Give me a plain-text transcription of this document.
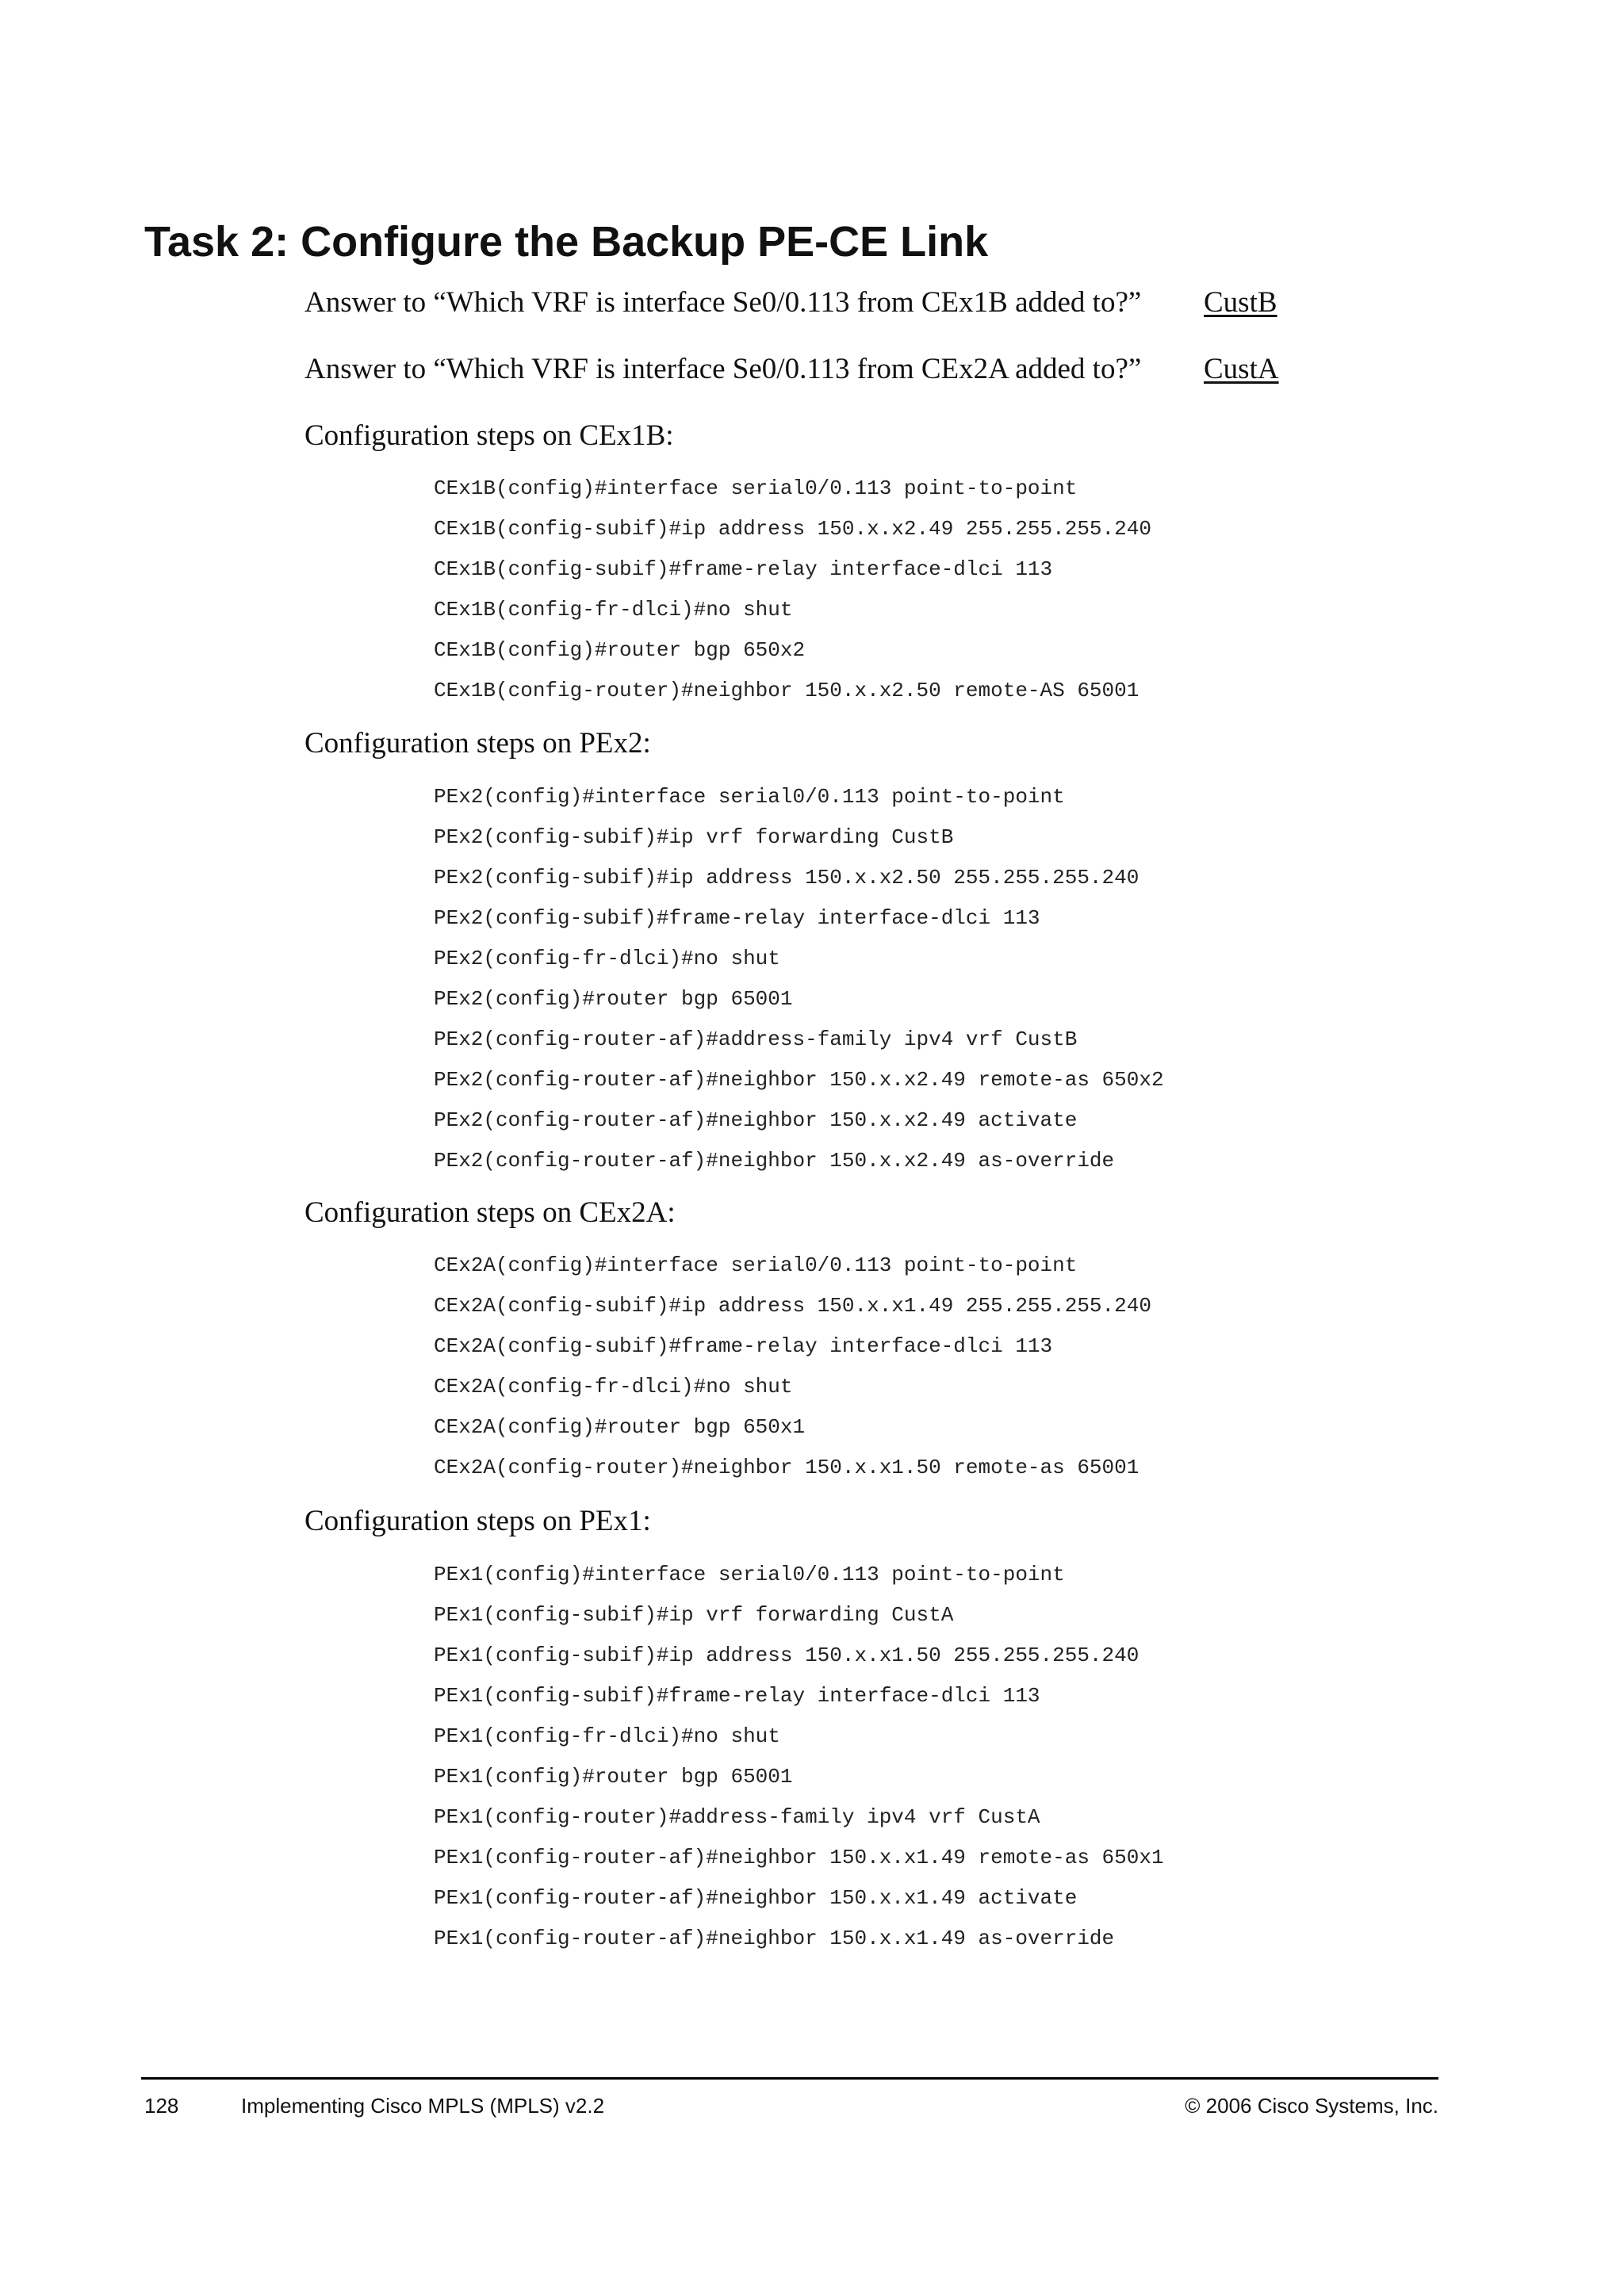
Task 2: Configure the Backup PE-CE Link
Answer to “Which VRF is interface Se0/0.113 from CEx1B added to?” CustB
Answer to “Which VRF is interface Se0/0.113 from CEx2A added to?” CustA
Configuration steps on CEx1B:
CEx1B(config)#interface serial0/0.113 point-to-point
CEx1B(config-subif)#ip address 150.x.x2.49 255.255.255.240
CEx1B(config-subif)#frame-relay interface-dlci 113
CEx1B(config-fr-dlci)#no shut
CEx1B(config)#router bgp 650x2
CEx1B(config-router)#neighbor 150.x.x2.50 remote-AS 65001
Configuration steps on PEx2:
PEx2(config)#interface serial0/0.113 point-to-point
PEx2(config-subif)#ip vrf forwarding CustB
PEx2(config-subif)#ip address 150.x.x2.50 255.255.255.240
PEx2(config-subif)#frame-relay interface-dlci 113
PEx2(config-fr-dlci)#no shut
PEx2(config)#router bgp 65001
PEx2(config-router-af)#address-family ipv4 vrf CustB
PEx2(config-router-af)#neighbor 150.x.x2.49 remote-as 650x2
PEx2(config-router-af)#neighbor 150.x.x2.49 activate
PEx2(config-router-af)#neighbor 150.x.x2.49 as-override
Configuration steps on CEx2A:
CEx2A(config)#interface serial0/0.113 point-to-point
CEx2A(config-subif)#ip address 150.x.x1.49 255.255.255.240
CEx2A(config-subif)#frame-relay interface-dlci 113
CEx2A(config-fr-dlci)#no shut
CEx2A(config)#router bgp 650x1
CEx2A(config-router)#neighbor 150.x.x1.50 remote-as 65001
Configuration steps on PEx1:
PEx1(config)#interface serial0/0.113 point-to-point
PEx1(config-subif)#ip vrf forwarding CustA
PEx1(config-subif)#ip address 150.x.x1.50 255.255.255.240
PEx1(config-subif)#frame-relay interface-dlci 113
PEx1(config-fr-dlci)#no shut
PEx1(config)#router bgp 65001
PEx1(config-router)#address-family ipv4 vrf CustA
PEx1(config-router-af)#neighbor 150.x.x1.49 remote-as 650x1
PEx1(config-router-af)#neighbor 150.x.x1.49 activate
PEx1(config-router-af)#neighbor 150.x.x1.49 as-override
128	Implementing Cisco MPLS (MPLS) v2.2	© 2006 Cisco Systems, Inc.
